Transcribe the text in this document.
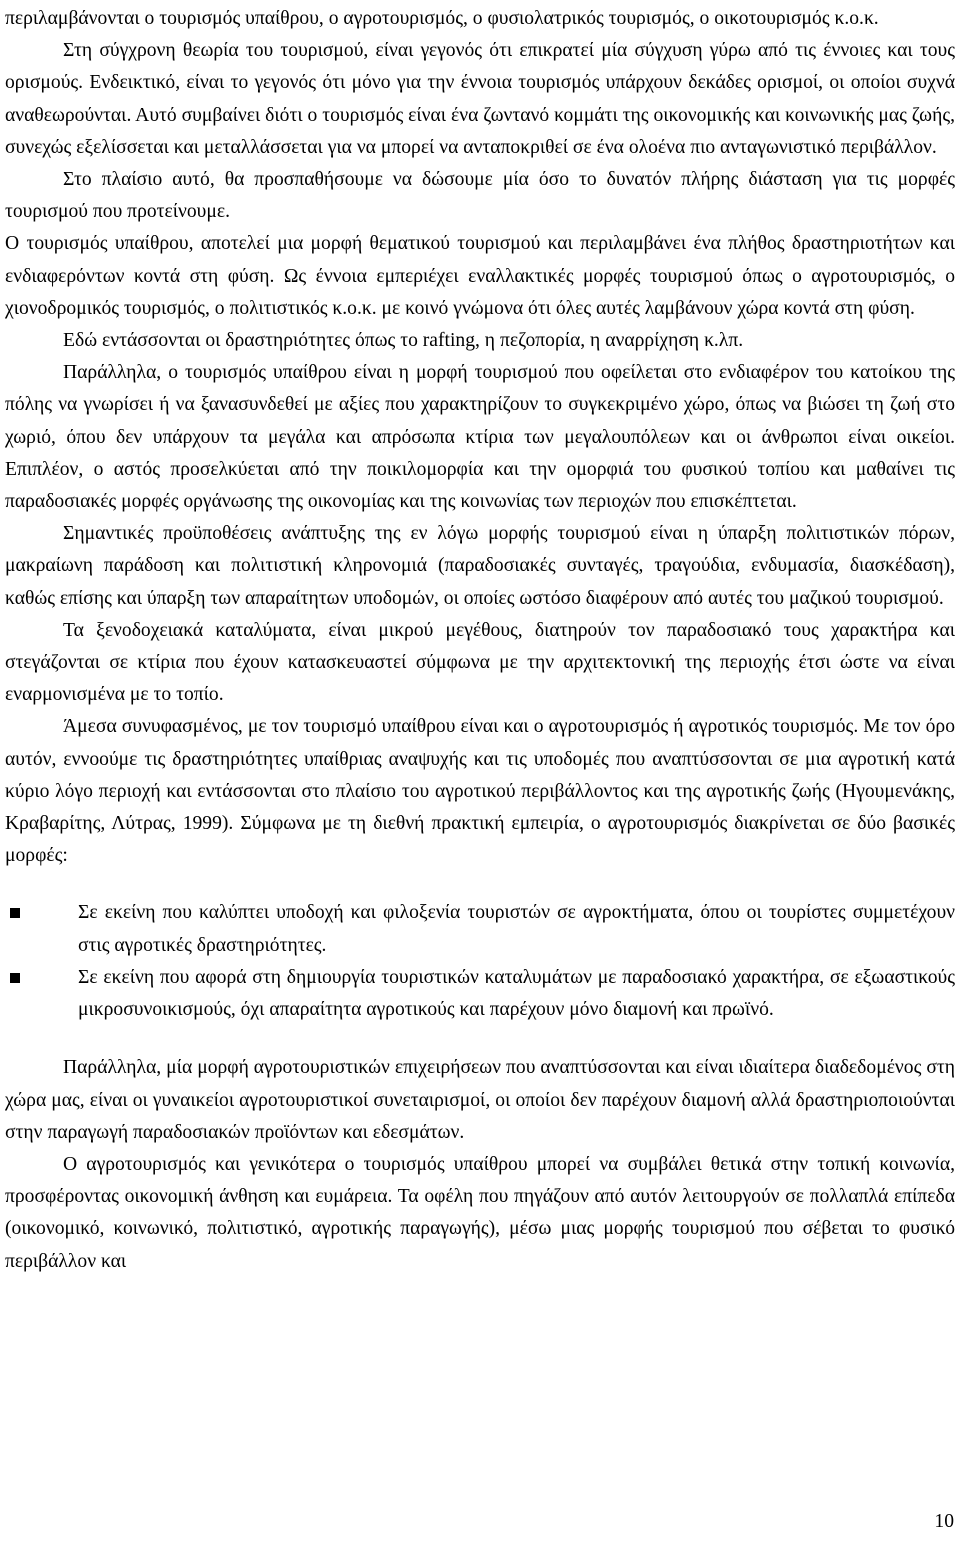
περιλαμβάνονται ο τουρισμός υπαίθρου, ο αγροτουρισμός, ο φυσιολατρικός τουρισμός, ο οικοτουρισμός κ.ο.κ.

Στη σύγχρονη θεωρία του τουρισμού, είναι γεγονός ότι επικρατεί μία σύγχυση γύρω από τις έννοιες και τους ορισμούς. Ενδεικτικό, είναι το γεγονός ότι μόνο για την έννοια τουρισμός υπάρχουν δεκάδες ορισμοί, οι οποίοι συχνά αναθεωρούνται. Αυτό συμβαίνει διότι ο τουρισμός είναι ένα ζωντανό κομμάτι της οικονομικής και κοινωνικής μας ζωής, συνεχώς εξελίσσεται και μεταλλάσσεται για να μπορεί να ανταποκριθεί σε ένα ολοένα πιο ανταγωνιστικό περιβάλλον.

Στο πλαίσιο αυτό, θα προσπαθήσουμε να δώσουμε μία όσο το δυνατόν πλήρης διάσταση για τις μορφές τουρισμού που προτείνουμε.

Ο τουρισμός υπαίθρου, αποτελεί μια μορφή θεματικού τουρισμού και περιλαμβάνει ένα πλήθος δραστηριοτήτων και ενδιαφερόντων κοντά στη φύση. Ως έννοια εμπεριέχει εναλλακτικές μορφές τουρισμού όπως ο αγροτουρισμός, ο χιονοδρομικός τουρισμός, ο πολιτιστικός κ.ο.κ. με κοινό γνώμονα ότι όλες αυτές λαμβάνουν χώρα κοντά στη φύση.

Εδώ εντάσσονται οι δραστηριότητες όπως το rafting, η πεζοπορία, η αναρρίχηση κ.λπ.

Παράλληλα, ο τουρισμός υπαίθρου είναι η μορφή τουρισμού που οφείλεται στο ενδιαφέρον του κατοίκου της πόλης να γνωρίσει ή να ξανασυνδεθεί με αξίες που χαρακτηρίζουν το συγκεκριμένο χώρο, όπως να βιώσει τη ζωή στο χωριό, όπου δεν υπάρχουν τα μεγάλα και απρόσωπα κτίρια των μεγαλουπόλεων και οι άνθρωποι είναι οικείοι. Επιπλέον, ο αστός προσελκύεται από την ποικιλομορφία και την ομορφιά του φυσικού τοπίου και μαθαίνει τις παραδοσιακές μορφές οργάνωσης της οικονομίας και της κοινωνίας των περιοχών που επισκέπτεται.

Σημαντικές προϋποθέσεις ανάπτυξης της εν λόγω μορφής τουρισμού είναι η ύπαρξη πολιτιστικών πόρων, μακραίωνη παράδοση και πολιτιστική κληρονομιά (παραδοσιακές συνταγές, τραγούδια, ενδυμασία, διασκέδαση), καθώς επίσης και ύπαρξη των απαραίτητων υποδομών, οι οποίες ωστόσο διαφέρουν από αυτές του μαζικού τουρισμού.

Τα ξενοδοχειακά καταλύματα, είναι μικρού μεγέθους, διατηρούν τον παραδοσιακό τους χαρακτήρα και στεγάζονται σε κτίρια που έχουν κατασκευαστεί σύμφωνα με την αρχιτεκτονική της περιοχής έτσι ώστε να είναι εναρμονισμένα με το τοπίο.

Άμεσα συνυφασμένος, με τον τουρισμό υπαίθρου είναι και ο αγροτουρισμός ή αγροτικός τουρισμός. Με τον όρο αυτόν, εννοούμε τις δραστηριότητες υπαίθριας αναψυχής και τις υποδομές που αναπτύσσονται σε μια αγροτική κατά κύριο λόγο περιοχή και εντάσσονται στο πλαίσιο του αγροτικού περιβάλλοντος και της αγροτικής ζωής (Ηγουμενάκης, Κραβαρίτης, Λύτρας, 1999). Σύμφωνα με τη διεθνή πρακτική εμπειρία, ο αγροτουρισμός διακρίνεται σε δύο βασικές μορφές:

Σε εκείνη που καλύπτει υποδοχή και φιλοξενία τουριστών σε αγροκτήματα, όπου οι τουρίστες συμμετέχουν στις αγροτικές δραστηριότητες.
Σε εκείνη που αφορά στη δημιουργία τουριστικών καταλυμάτων με παραδοσιακό χαρακτήρα, σε εξωαστικούς μικροσυνοικισμούς, όχι απαραίτητα αγροτικούς και παρέχουν μόνο διαμονή και πρωϊνό.

Παράλληλα, μία μορφή αγροτουριστικών επιχειρήσεων που αναπτύσσονται και είναι ιδιαίτερα διαδεδομένος στη χώρα μας, είναι οι γυναικείοι αγροτουριστικοί συνεταιρισμοί, οι οποίοι δεν παρέχουν διαμονή αλλά δραστηριοποιούνται στην παραγωγή παραδοσιακών προϊόντων και εδεσμάτων.

Ο αγροτουρισμός και γενικότερα ο τουρισμός υπαίθρου μπορεί να συμβάλει θετικά στην τοπική κοινωνία, προσφέροντας οικονομική άνθηση και ευμάρεια. Τα οφέλη που πηγάζουν από αυτόν λειτουργούν σε πολλαπλά επίπεδα (οικονομικό, κοινωνικό, πολιτιστικό, αγροτικής παραγωγής), μέσω μιας μορφής τουρισμού που σέβεται το φυσικό περιβάλλον και

10
